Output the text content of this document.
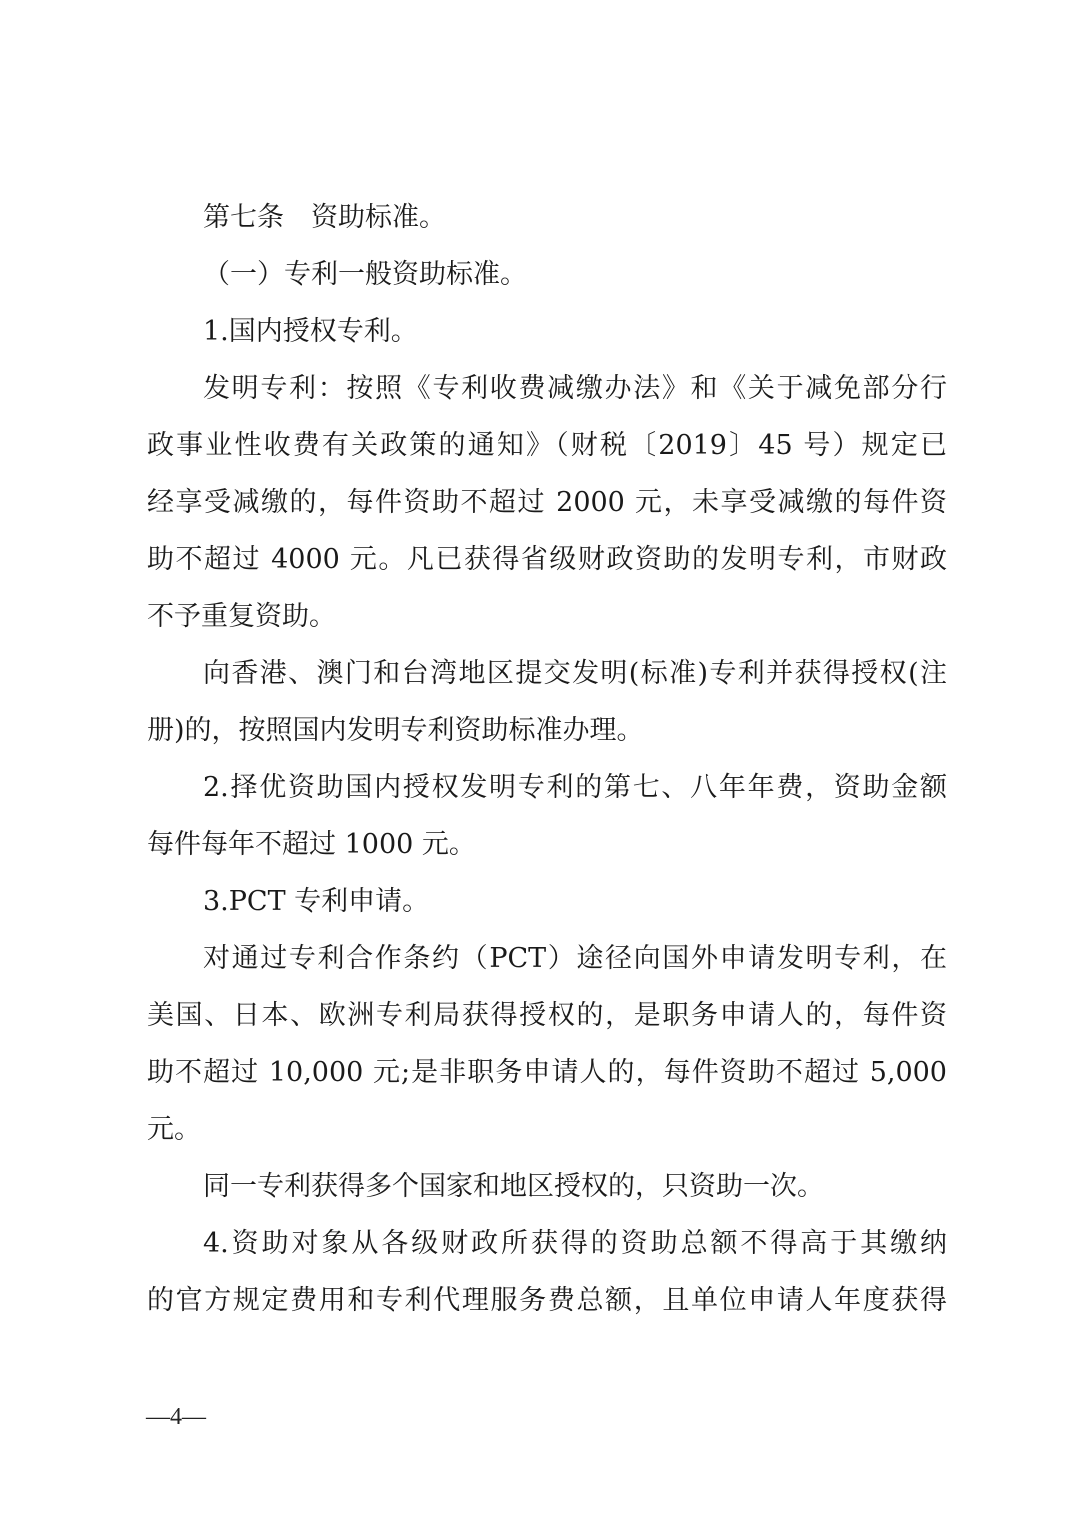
第七条　资助标准。
（一）专利一般资助标准。
1.国内授权专利。
发明专利：按照《专利收费减缴办法》和《关于减免部分行
政事业性收费有关政策的通知》（财税〔2019〕45 号）规定已
经享受减缴的，每件资助不超过 2000 元，未享受减缴的每件资
助不超过 4000 元。凡已获得省级财政资助的发明专利，市财政
不予重复资助。
向香港、澳门和台湾地区提交发明(标准)专利并获得授权(注
册)的，按照国内发明专利资助标准办理。
2.择优资助国内授权发明专利的第七、八年年费，资助金额
每件每年不超过 1000 元。
3.PCT 专利申请。
对通过专利合作条约（PCT）途径向国外申请发明专利，在
美国、日本、欧洲专利局获得授权的，是职务申请人的，每件资
助不超过 10,000 元;是非职务申请人的，每件资助不超过 5,000
元。
同一专利获得多个国家和地区授权的，只资助一次。
4.资助对象从各级财政所获得的资助总额不得高于其缴纳
的官方规定费用和专利代理服务费总额，且单位申请人年度获得
—4—
